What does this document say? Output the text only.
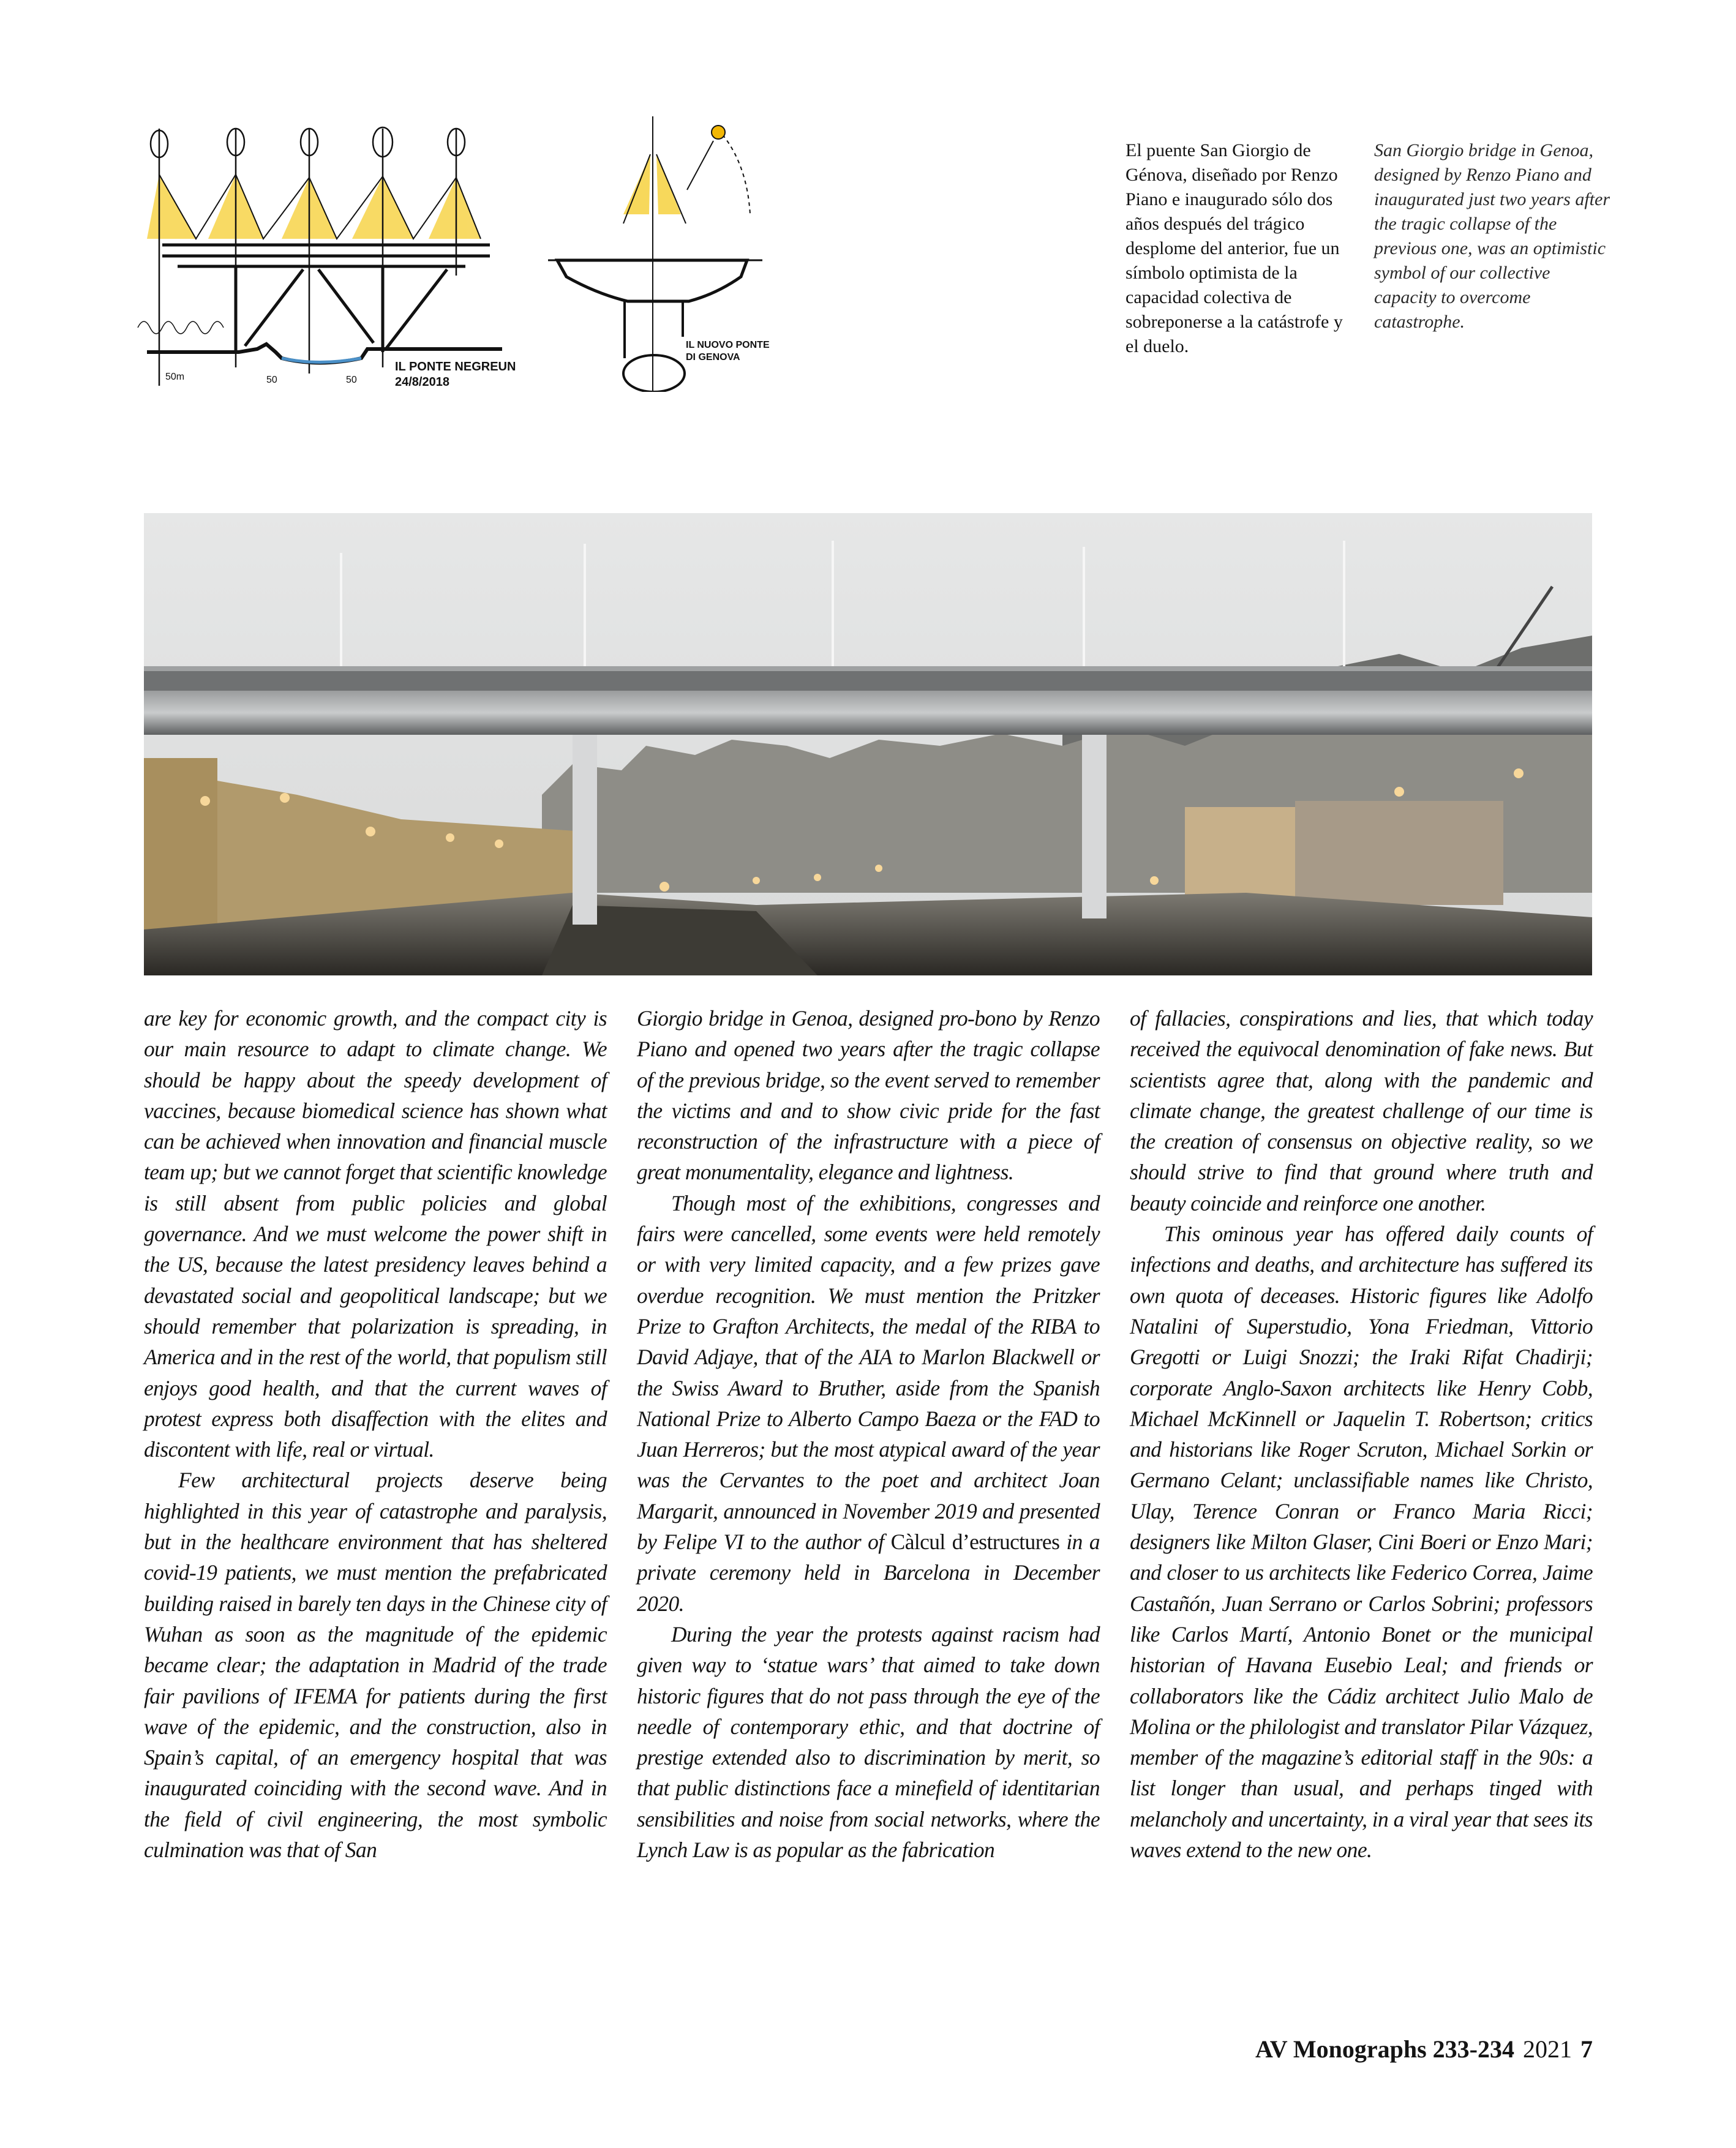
IL PONTE NEGREUN
24/8/2018
50m	50	50
IL NUOVO PONTE
DI GENOVA

El puente San Giorgio de Génova, diseñado por Renzo Piano e inaugurado sólo dos años después del trágico desplome del anterior, fue un símbolo optimista de la capacidad colectiva de sobreponerse a la catástrofe y el duelo.

San Giorgio bridge in Genoa, designed by Renzo Piano and inaugurated just two years after the tragic collapse of the previous one, was an optimistic symbol of our collective capacity to overcome catastrophe.

are key for economic growth, and the compact city is our main resource to adapt to climate change. We should be happy about the speedy development of vaccines, because biomedical science has shown what can be achieved when innovation and financial muscle team up; but we cannot forget that scientific knowledge is still absent from public policies and global governance. And we must welcome the power shift in the US, because the latest presidency leaves behind a devastated social and geopolitical landscape; but we should remember that polarization is spreading, in America and in the rest of the world, that populism still enjoys good health, and that the current waves of protest express both disaffection with the elites and discontent with life, real or virtual.

Few architectural projects deserve being highlighted in this year of catastrophe and paralysis, but in the healthcare environment that has sheltered covid-19 patients, we must mention the prefabricated building raised in barely ten days in the Chinese city of Wuhan as soon as the magnitude of the epidemic became clear; the adaptation in Madrid of the trade fair pavilions of IFEMA for patients during the first wave of the epidemic, and the construction, also in Spain’s capital, of an emergency hospital that was inaugurated coinciding with the second wave. And in the field of civil engineering, the most symbolic culmination was that of San

Giorgio bridge in Genoa, designed pro-bono by Renzo Piano and opened two years after the tragic collapse of the previous bridge, so the event served to remember the victims and and to show civic pride for the fast reconstruction of the infrastructure with a piece of great monumentality, elegance and lightness.

Though most of the exhibitions, congresses and fairs were cancelled, some events were held remotely or with very limited capacity, and a few prizes gave overdue recognition. We must mention the Pritzker Prize to Grafton Architects, the medal of the RIBA to David Adjaye, that of the AIA to Marlon Blackwell or the Swiss Award to Bruther, aside from the Spanish National Prize to Alberto Campo Baeza or the FAD to Juan Herreros; but the most atypical award of the year was the Cervantes to the poet and architect Joan Margarit, announced in November 2019 and presented by Felipe VI to the author of Càlcul d’estructures in a private ceremony held in Barcelona in December 2020.

During the year the protests against racism had given way to ‘statue wars’ that aimed to take down historic figures that do not pass through the eye of the needle of contemporary ethic, and that doctrine of prestige extended also to discrimination by merit, so that public distinctions face a minefield of identitarian sensibilities and noise from social networks, where the Lynch Law is as popular as the fabrication

of fallacies, conspirations and lies, that which today received the equivocal denomination of fake news. But scientists agree that, along with the pandemic and climate change, the greatest challenge of our time is the creation of consensus on objective reality, so we should strive to find that ground where truth and beauty coincide and reinforce one another.

This ominous year has offered daily counts of infections and deaths, and architecture has suffered its own quota of deceases. Historic figures like Adolfo Natalini of Superstudio, Yona Friedman, Vittorio Gregotti or Luigi Snozzi; the Iraki Rifat Chadirji; corporate Anglo-Saxon architects like Henry Cobb, Michael McKinnell or Jaquelin T. Robertson; critics and historians like Roger Scruton, Michael Sorkin or Germano Celant; unclassifiable names like Christo, Ulay, Terence Conran or Franco Maria Ricci; designers like Milton Glaser, Cini Boeri or Enzo Mari; and closer to us architects like Federico Correa, Jaime Castañón, Juan Serrano or Carlos Sobrini; professors like Carlos Martí, Antonio Bonet or the municipal historian of Havana Eusebio Leal; and friends or collaborators like the Cádiz architect Julio Malo de Molina or the philologist and translator Pilar Vázquez, member of the magazine’s editorial staff in the 90s: a list longer than usual, and perhaps tinged with melancholy and uncertainty, in a viral year that sees its waves extend to the new one.

AV Monographs 233-234 2021 7
